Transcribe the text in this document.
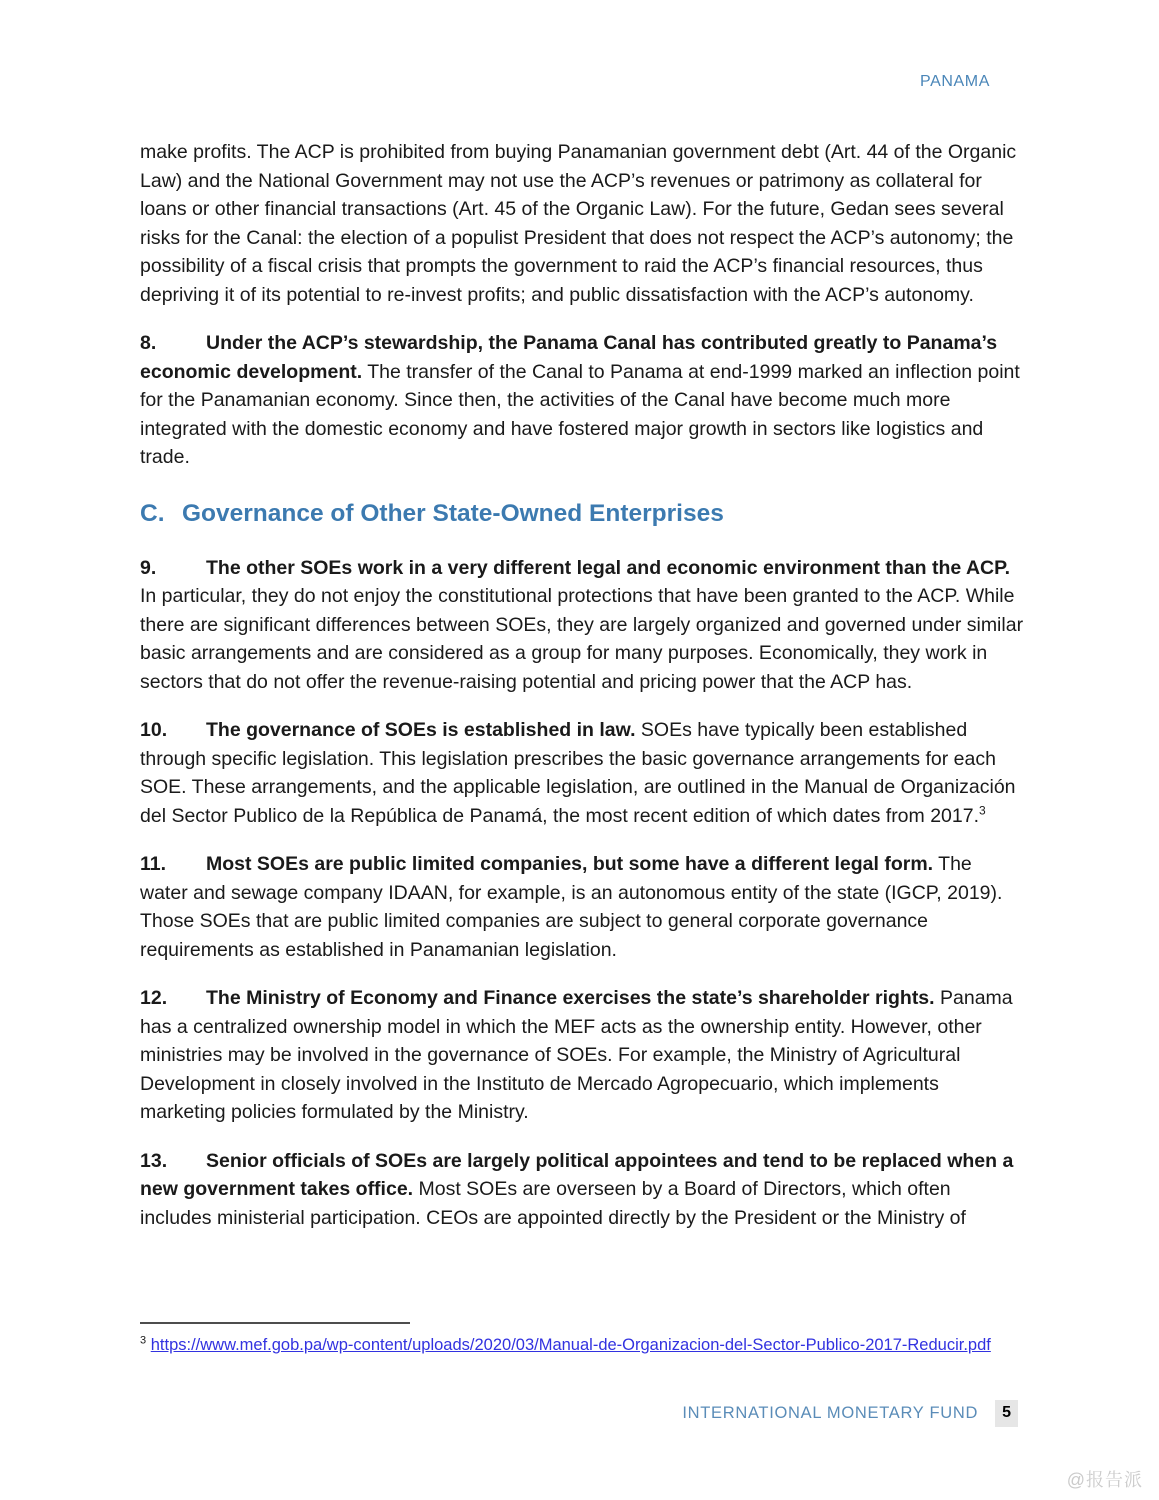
PANAMA

make profits. The ACP is prohibited from buying Panamanian government debt (Art. 44 of the Organic Law) and the National Government may not use the ACP’s revenues or patrimony as collateral for loans or other financial transactions (Art. 45 of the Organic Law). For the future, Gedan sees several risks for the Canal: the election of a populist President that does not respect the ACP’s autonomy; the possibility of a fiscal crisis that prompts the government to raid the ACP’s financial resources, thus depriving it of its potential to re-invest profits; and public dissatisfaction with the ACP’s autonomy.

8.	Under the ACP’s stewardship, the Panama Canal has contributed greatly to Panama’s economic development. The transfer of the Canal to Panama at end-1999 marked an inflection point for the Panamanian economy. Since then, the activities of the Canal have become much more integrated with the domestic economy and have fostered major growth in sectors like logistics and trade.

C. Governance of Other State-Owned Enterprises

9.	The other SOEs work in a very different legal and economic environment than the ACP. In particular, they do not enjoy the constitutional protections that have been granted to the ACP. While there are significant differences between SOEs, they are largely organized and governed under similar basic arrangements and are considered as a group for many purposes. Economically, they work in sectors that do not offer the revenue-raising potential and pricing power that the ACP has.

10. The governance of SOEs is established in law. SOEs have typically been established through specific legislation. This legislation prescribes the basic governance arrangements for each SOE. These arrangements, and the applicable legislation, are outlined in the Manual de Organización del Sector Publico de la República de Panamá, the most recent edition of which dates from 2017.$^3$

11. Most SOEs are public limited companies, but some have a different legal form. The water and sewage company IDAAN, for example, is an autonomous entity of the state (IGCP, 2019). Those SOEs that are public limited companies are subject to general corporate governance requirements as established in Panamanian legislation.

12. The Ministry of Economy and Finance exercises the state’s shareholder rights. Panama has a centralized ownership model in which the MEF acts as the ownership entity. However, other ministries may be involved in the governance of SOEs. For example, the Ministry of Agricultural Development in closely involved in the Instituto de Mercado Agropecuario, which implements marketing policies formulated by the Ministry.

13. Senior officials of SOEs are largely political appointees and tend to be replaced when a new government takes office. Most SOEs are overseen by a Board of Directors, which often includes ministerial participation. CEOs are appointed directly by the President or the Ministry of

$^3$ https://www.mef.gob.pa/wp-content/uploads/2020/03/Manual-de-Organizacion-del-Sector-Publico-2017-Reducir.pdf
INTERNATIONAL MONETARY FUND	5
@报告派
